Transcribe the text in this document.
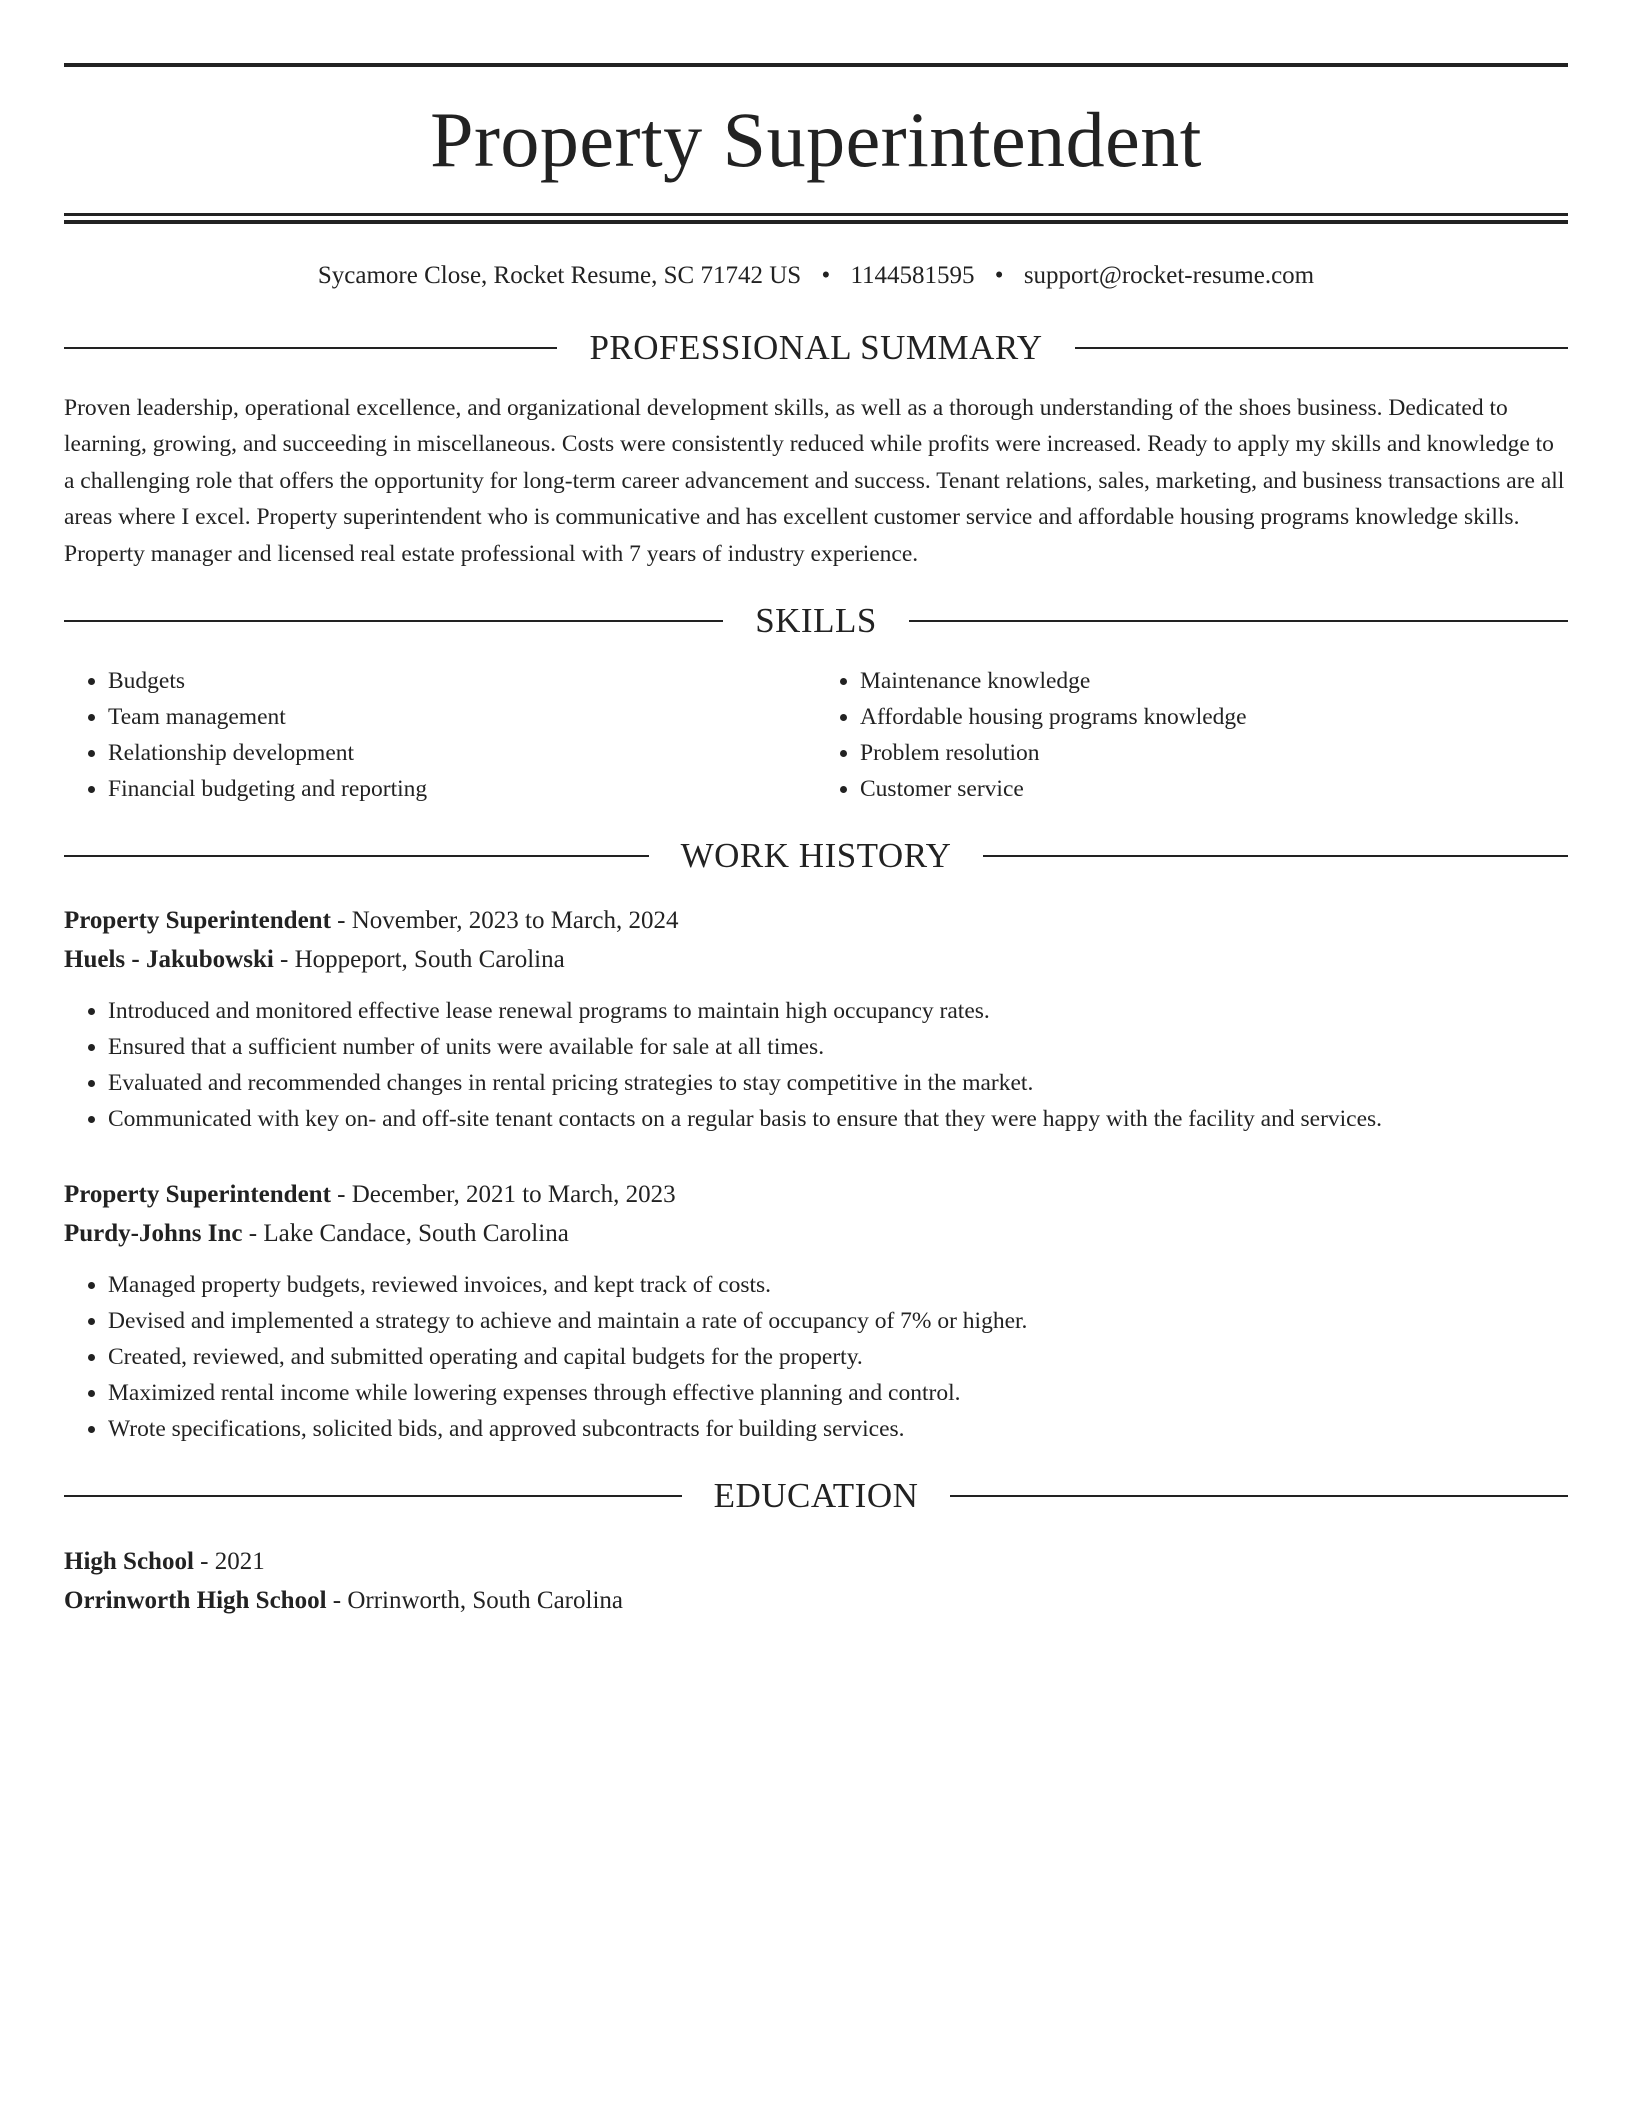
Property Superintendent
Sycamore Close, Rocket Resume, SC 71742 US • 1144581595 • support@rocket-resume.com
PROFESSIONAL SUMMARY
Proven leadership, operational excellence, and organizational development skills, as well as a thorough understanding of the shoes business. Dedicated to learning, growing, and succeeding in miscellaneous. Costs were consistently reduced while profits were increased. Ready to apply my skills and knowledge to a challenging role that offers the opportunity for long-term career advancement and success. Tenant relations, sales, marketing, and business transactions are all areas where I excel. Property superintendent who is communicative and has excellent customer service and affordable housing programs knowledge skills. Property manager and licensed real estate professional with 7 years of industry experience.
SKILLS
• Budgets
• Team management
• Relationship development
• Financial budgeting and reporting
• Maintenance knowledge
• Affordable housing programs knowledge
• Problem resolution
• Customer service
WORK HISTORY
Property Superintendent - November, 2023 to March, 2024
Huels - Jakubowski - Hoppeport, South Carolina
• Introduced and monitored effective lease renewal programs to maintain high occupancy rates.
• Ensured that a sufficient number of units were available for sale at all times.
• Evaluated and recommended changes in rental pricing strategies to stay competitive in the market.
• Communicated with key on- and off-site tenant contacts on a regular basis to ensure that they were happy with the facility and services.
Property Superintendent - December, 2021 to March, 2023
Purdy-Johns Inc - Lake Candace, South Carolina
• Managed property budgets, reviewed invoices, and kept track of costs.
• Devised and implemented a strategy to achieve and maintain a rate of occupancy of 7% or higher.
• Created, reviewed, and submitted operating and capital budgets for the property.
• Maximized rental income while lowering expenses through effective planning and control.
• Wrote specifications, solicited bids, and approved subcontracts for building services.
EDUCATION
High School - 2021
Orrinworth High School - Orrinworth, South Carolina
